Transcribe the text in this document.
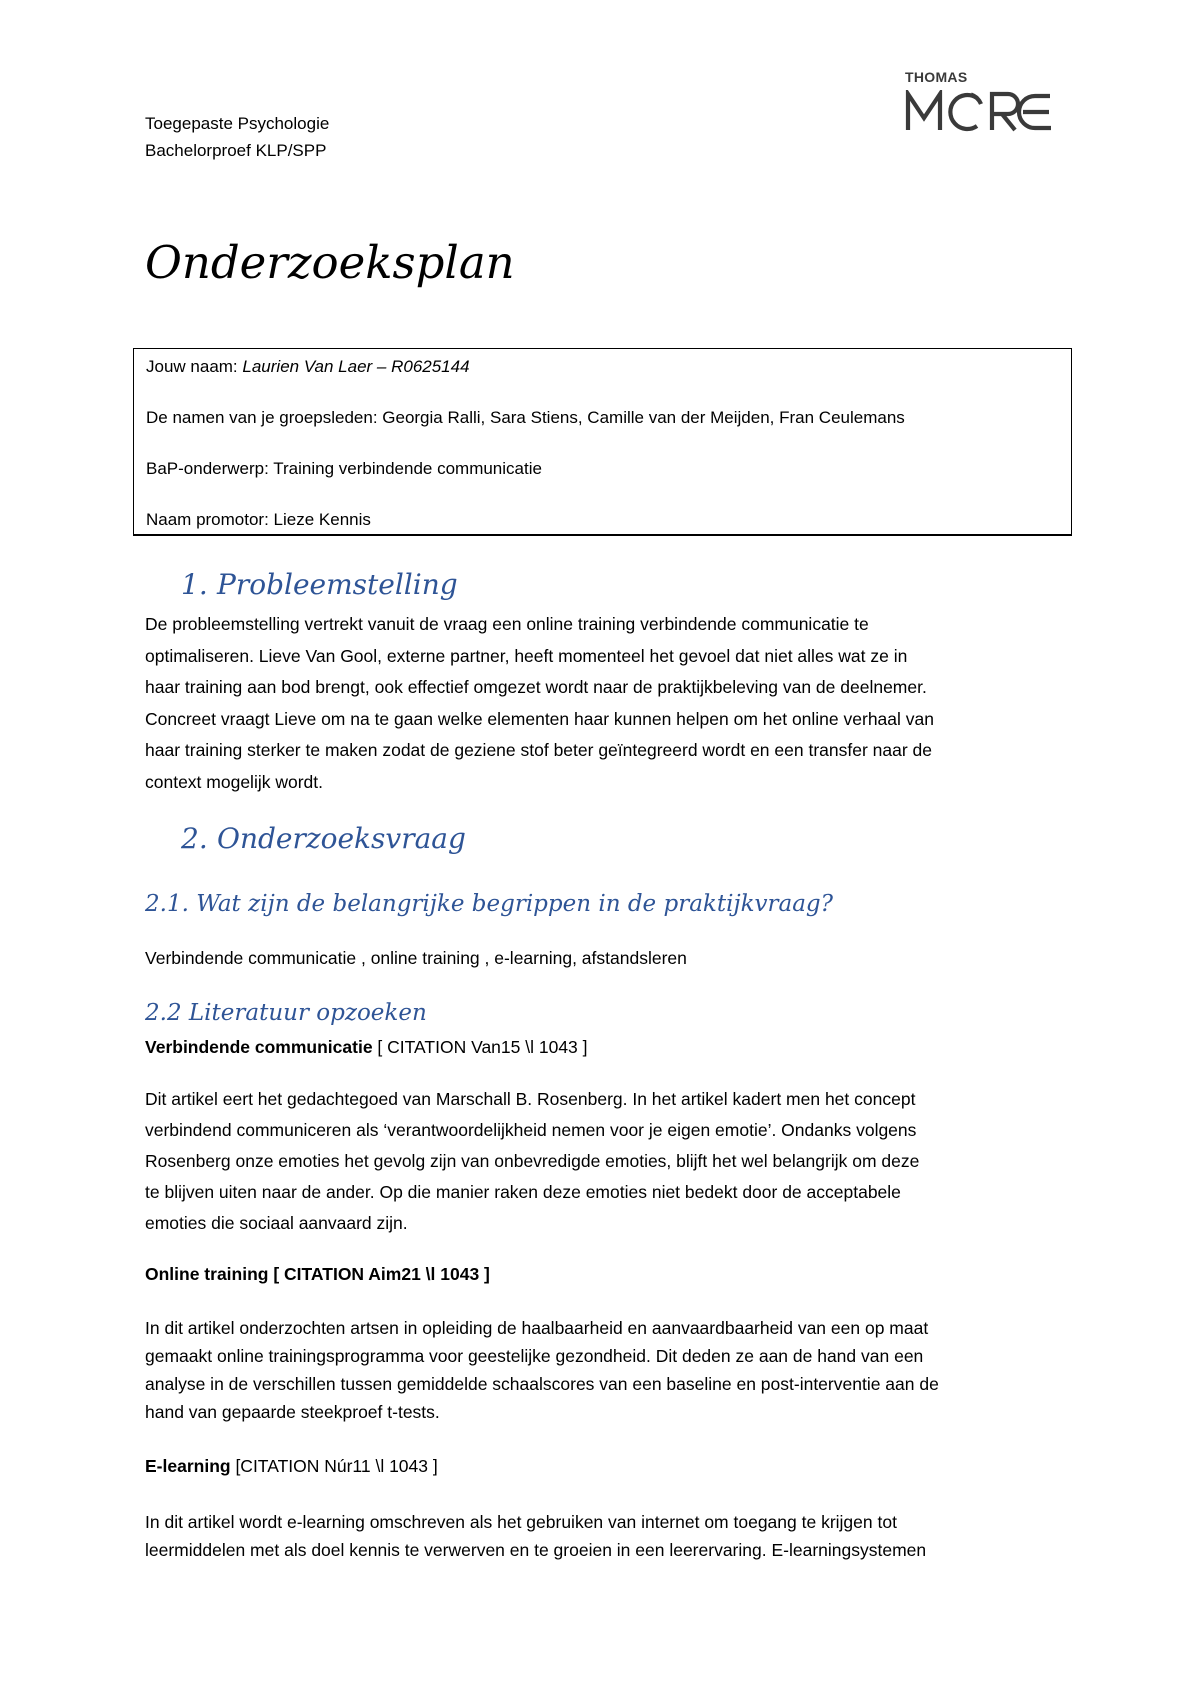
Toegepaste Psychologie
Bachelorproef KLP/SPP
THOMAS
Onderzoeksplan
Jouw naam: Laurien Van Laer – R0625144
De namen van je groepsleden: Georgia Ralli, Sara Stiens, Camille van der Meijden, Fran Ceulemans
BaP-onderwerp: Training verbindende communicatie
Naam promotor: Lieze Kennis
1. Probleemstelling
De probleemstelling vertrekt vanuit de vraag een online training verbindende communicatie te
optimaliseren. Lieve Van Gool, externe partner, heeft momenteel het gevoel dat niet alles wat ze in
haar training aan bod brengt, ook effectief omgezet wordt naar de praktijkbeleving van de deelnemer.
Concreet vraagt Lieve om na te gaan welke elementen haar kunnen helpen om het online verhaal van
haar training sterker te maken zodat de geziene stof beter geïntegreerd wordt en een transfer naar de
context mogelijk wordt.
2. Onderzoeksvraag
2.1. Wat zijn de belangrijke begrippen in de praktijkvraag?
Verbindende communicatie , online training , e-learning, afstandsleren
2.2 Literatuur opzoeken
Verbindende communicatie [ CITATION Van15 \l 1043 ]
Dit artikel eert het gedachtegoed van Marschall B. Rosenberg. In het artikel kadert men het concept
verbindend communiceren als ‘verantwoordelijkheid nemen voor je eigen emotie’. Ondanks volgens
Rosenberg onze emoties het gevolg zijn van onbevredigde emoties, blijft het wel belangrijk om deze
te blijven uiten naar de ander. Op die manier raken deze emoties niet bedekt door de acceptabele
emoties die sociaal aanvaard zijn.
Online training [ CITATION Aim21 \l 1043 ]
In dit artikel onderzochten artsen in opleiding de haalbaarheid en aanvaardbaarheid van een op maat
gemaakt online trainingsprogramma voor geestelijke gezondheid. Dit deden ze aan de hand van een
analyse in de verschillen tussen gemiddelde schaalscores van een baseline en post-interventie aan de
hand van gepaarde steekproef t-tests.
E-learning [CITATION Núr11 \l 1043 ]
In dit artikel wordt e-learning omschreven als het gebruiken van internet om toegang te krijgen tot
leermiddelen met als doel kennis te verwerven en te groeien in een leerervaring. E-learningsystemen
